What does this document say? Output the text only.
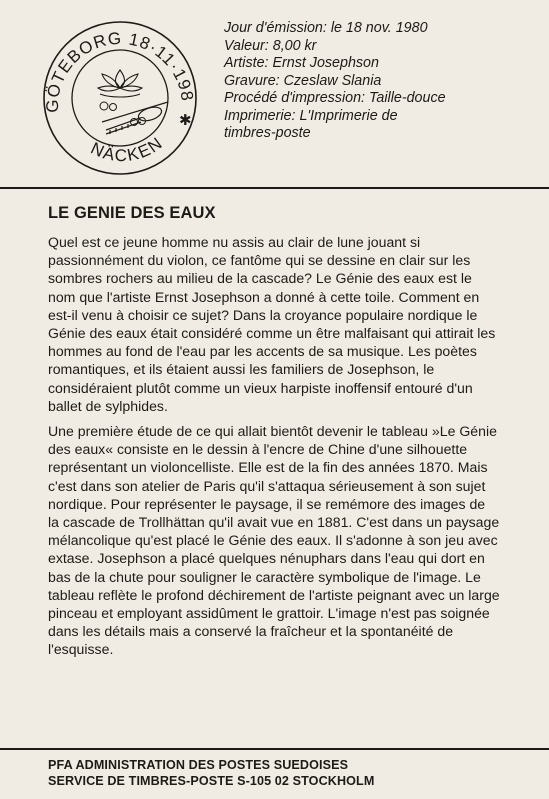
GÖTEBORG 18·11·198
NÄCKEN
✱
Jour d'émission: le 18 nov. 1980
Valeur: 8,00 kr
Artiste: Ernst Josephson
Gravure: Czeslaw Slania
Procédé d'impression: Taille-douce
Imprimerie: L'Imprimerie de
timbres-poste
LE GENIE DES EAUX

Quel est ce jeune homme nu assis au clair de lune jouant si passionnément du violon, ce fantôme qui se dessine en clair sur les sombres rochers au milieu de la cascade? Le Génie des eaux est le nom que l'artiste Ernst Josephson a donné à cette toile. Comment en est-il venu à choisir ce sujet? Dans la croyance populaire nordique le Génie des eaux était considéré comme un être malfaisant qui attirait les hommes au fond de l'eau par les accents de sa musique. Les poètes romantiques, et ils étaient aussi les familiers de Josephson, le considéraient plutôt comme un vieux harpiste inoffensif entouré d'un ballet de sylphides.

Une première étude de ce qui allait bientôt devenir le tableau »Le Génie des eaux« consiste en le dessin à l'encre de Chine d'une silhouette représentant un violoncelliste. Elle est de la fin des années 1870. Mais c'est dans son atelier de Paris qu'il s'attaqua sérieusement à son sujet nordique. Pour représenter le paysage, il se remémore des images de la cascade de Trollhättan qu'il avait vue en 1881. C'est dans un paysage mélancolique qu'est placé le Génie des eaux. Il s'adonne à son jeu avec extase. Josephson a placé quelques nénuphars dans l'eau qui dort en bas de la chute pour souligner le caractère symbolique de l'image. Le tableau reflète le profond déchirement de l'artiste peignant avec un large pinceau et employant assidûment le grattoir. L'image n'est pas soignée dans les détails mais a conservé la fraîcheur et la spontanéité de l'esquisse.

PFA ADMINISTRATION DES POSTES SUEDOISES
SERVICE DE TIMBRES-POSTE S-105 02 STOCKHOLM
